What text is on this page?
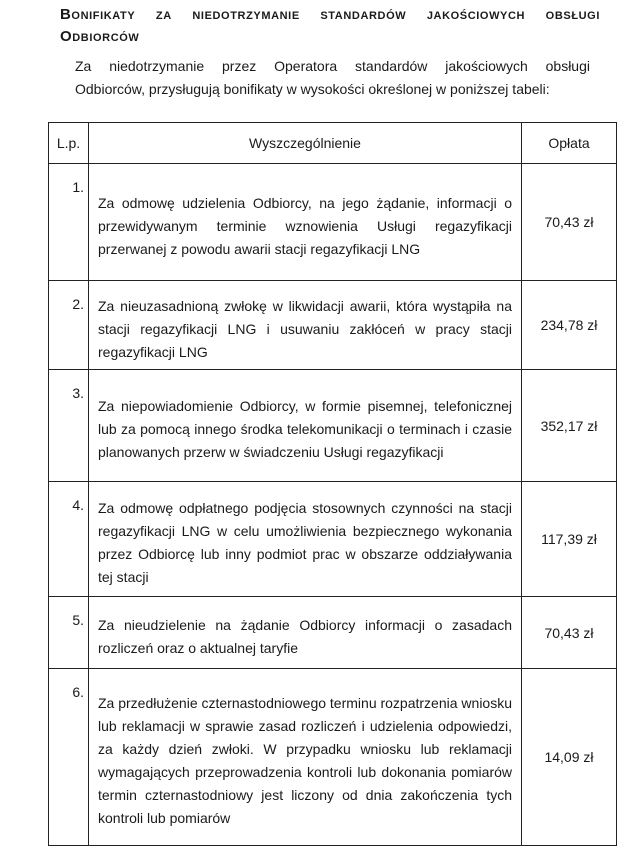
Bonifikaty za niedotrzymanie standardów jakościowych obsługi Odbiorców
Za niedotrzymanie przez Operatora standardów jakościowych obsługi
Odbiorców, przysługują bonifikaty w wysokości określonej w poniższej tabeli:
L.p.	Wyszczególnienie	Opłata
1.	Za odmowę udzielenia Odbiorcy, na jego żądanie, informacji o przewidywanym terminie wznowienia Usługi regazyfikacji przerwanej z powodu awarii stacji regazyfikacji LNG	70,43 zł
2.	Za nieuzasadnioną zwłokę w likwidacji awarii, która wystąpiła na stacji regazyfikacji LNG i usuwaniu zakłóceń w pracy stacji regazyfikacji LNG	234,78 zł
3.	Za niepowiadomienie Odbiorcy, w formie pisemnej, telefonicznej lub za pomocą innego środka telekomunikacji o terminach i czasie planowanych przerw w świadczeniu Usługi regazyfikacji	352,17 zł
4.	Za odmowę odpłatnego podjęcia stosownych czynności na stacji regazyfikacji LNG w celu umożliwienia bezpiecznego wykonania przez Odbiorcę lub inny podmiot prac w obszarze oddziaływania tej stacji	117,39 zł
5.	Za nieudzielenie na żądanie Odbiorcy informacji o zasadach rozliczeń oraz o aktualnej taryfie	70,43 zł
6.	Za przedłużenie czternastodniowego terminu rozpatrzenia wniosku lub reklamacji w sprawie zasad rozliczeń i udzielenia odpowiedzi, za każdy dzień zwłoki. W przypadku wniosku lub reklamacji wymagających przeprowadzenia kontroli lub dokonania pomiarów termin czternastodniowy jest liczony od dnia zakończenia tych kontroli lub pomiarów	14,09 zł
